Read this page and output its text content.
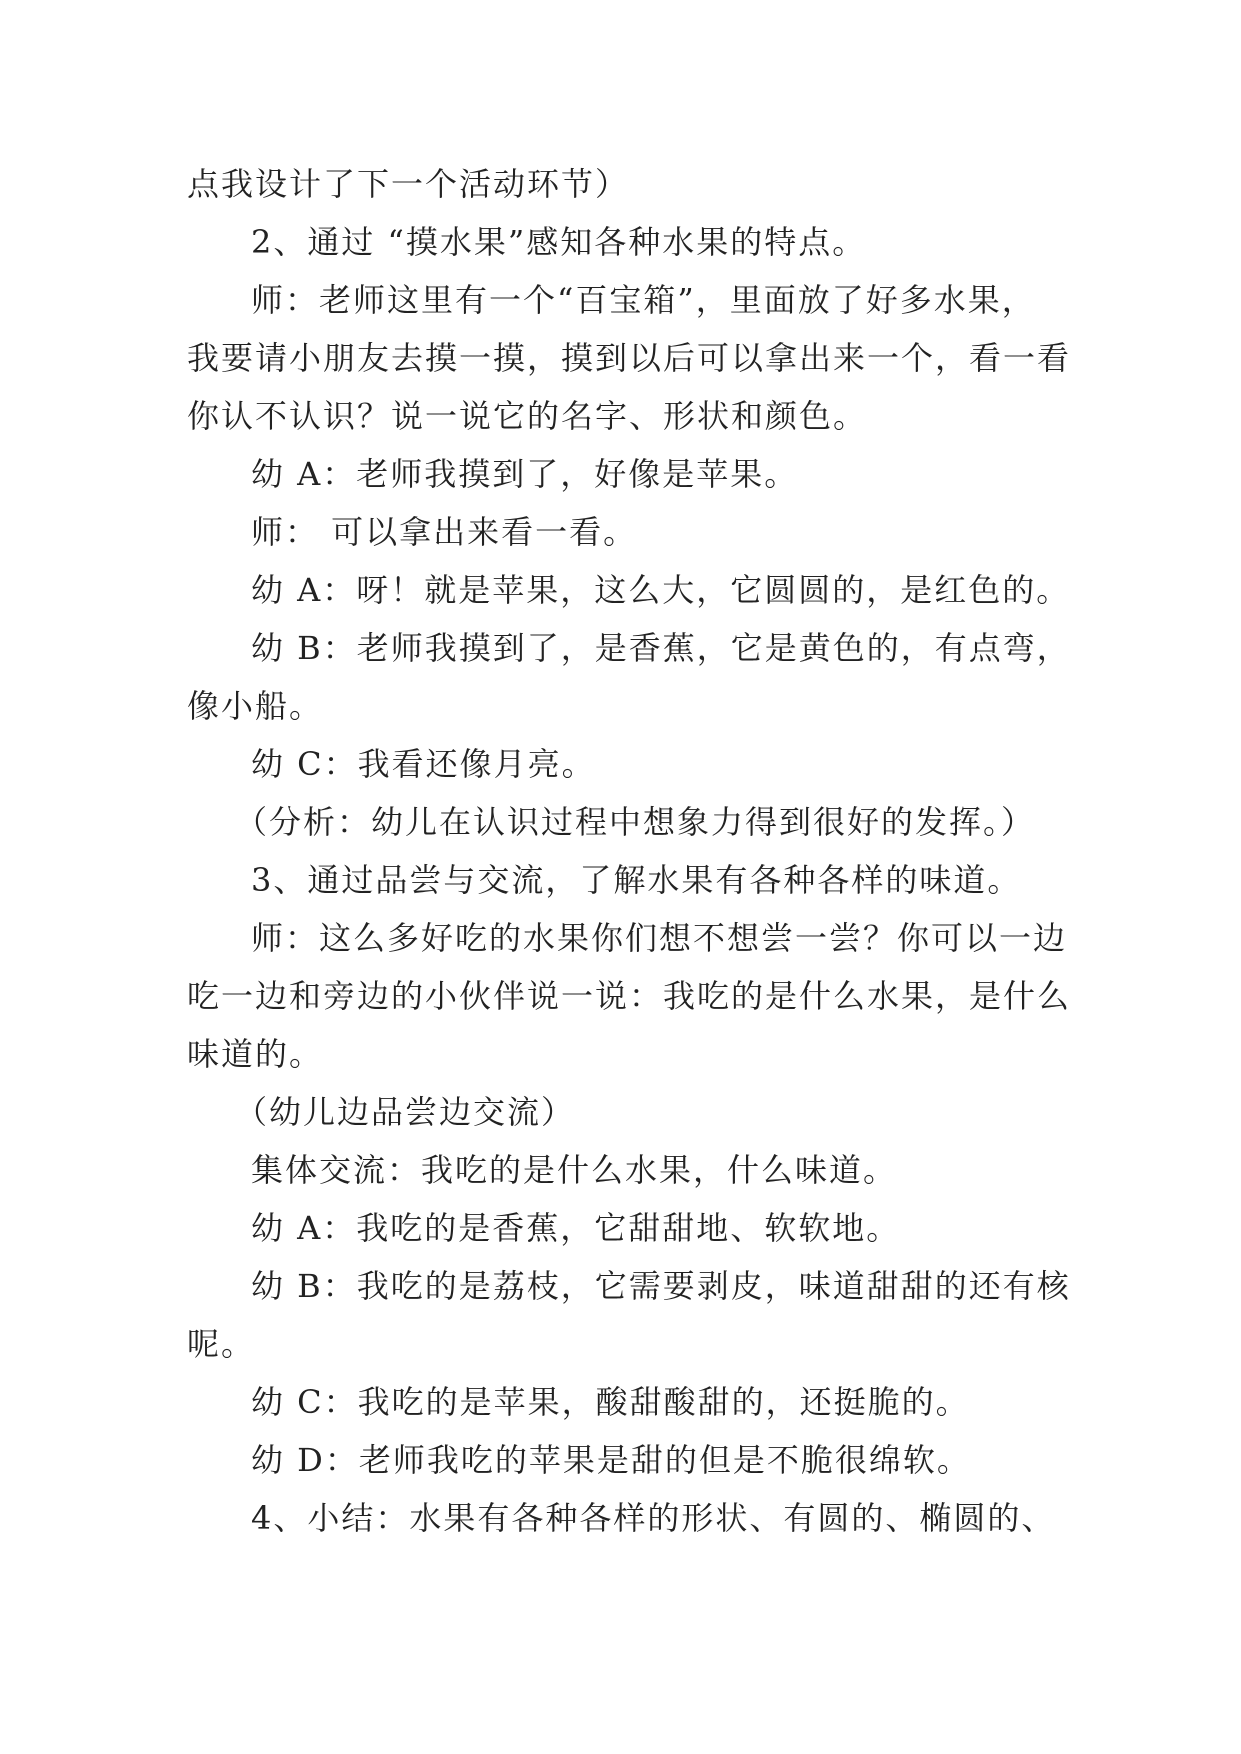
点我设计了下一个活动环节）
2、通过 “摸水果”感知各种水果的特点。
师：老师这里有一个“百宝箱”，里面放了好多水果，
我要请小朋友去摸一摸，摸到以后可以拿出来一个，看一看
你认不认识？说一说它的名字、形状和颜色。
幼 A：老师我摸到了，好像是苹果。
师： 可以拿出来看一看。
幼 A：呀！就是苹果，这么大，它圆圆的，是红色的。
幼 B：老师我摸到了，是香蕉，它是黄色的，有点弯，
像小船。
幼 C：我看还像月亮。
（分析：幼儿在认识过程中想象力得到很好的发挥。）
3、通过品尝与交流，了解水果有各种各样的味道。
师：这么多好吃的水果你们想不想尝一尝？你可以一边
吃一边和旁边的小伙伴说一说：我吃的是什么水果，是什么
味道的。
（幼儿边品尝边交流）
集体交流：我吃的是什么水果，什么味道。
幼 A：我吃的是香蕉，它甜甜地、软软地。
幼 B：我吃的是荔枝，它需要剥皮，味道甜甜的还有核
呢。
幼 C：我吃的是苹果，酸甜酸甜的，还挺脆的。
幼 D：老师我吃的苹果是甜的但是不脆很绵软。
4、小结：水果有各种各样的形状、有圆的、椭圆的、
